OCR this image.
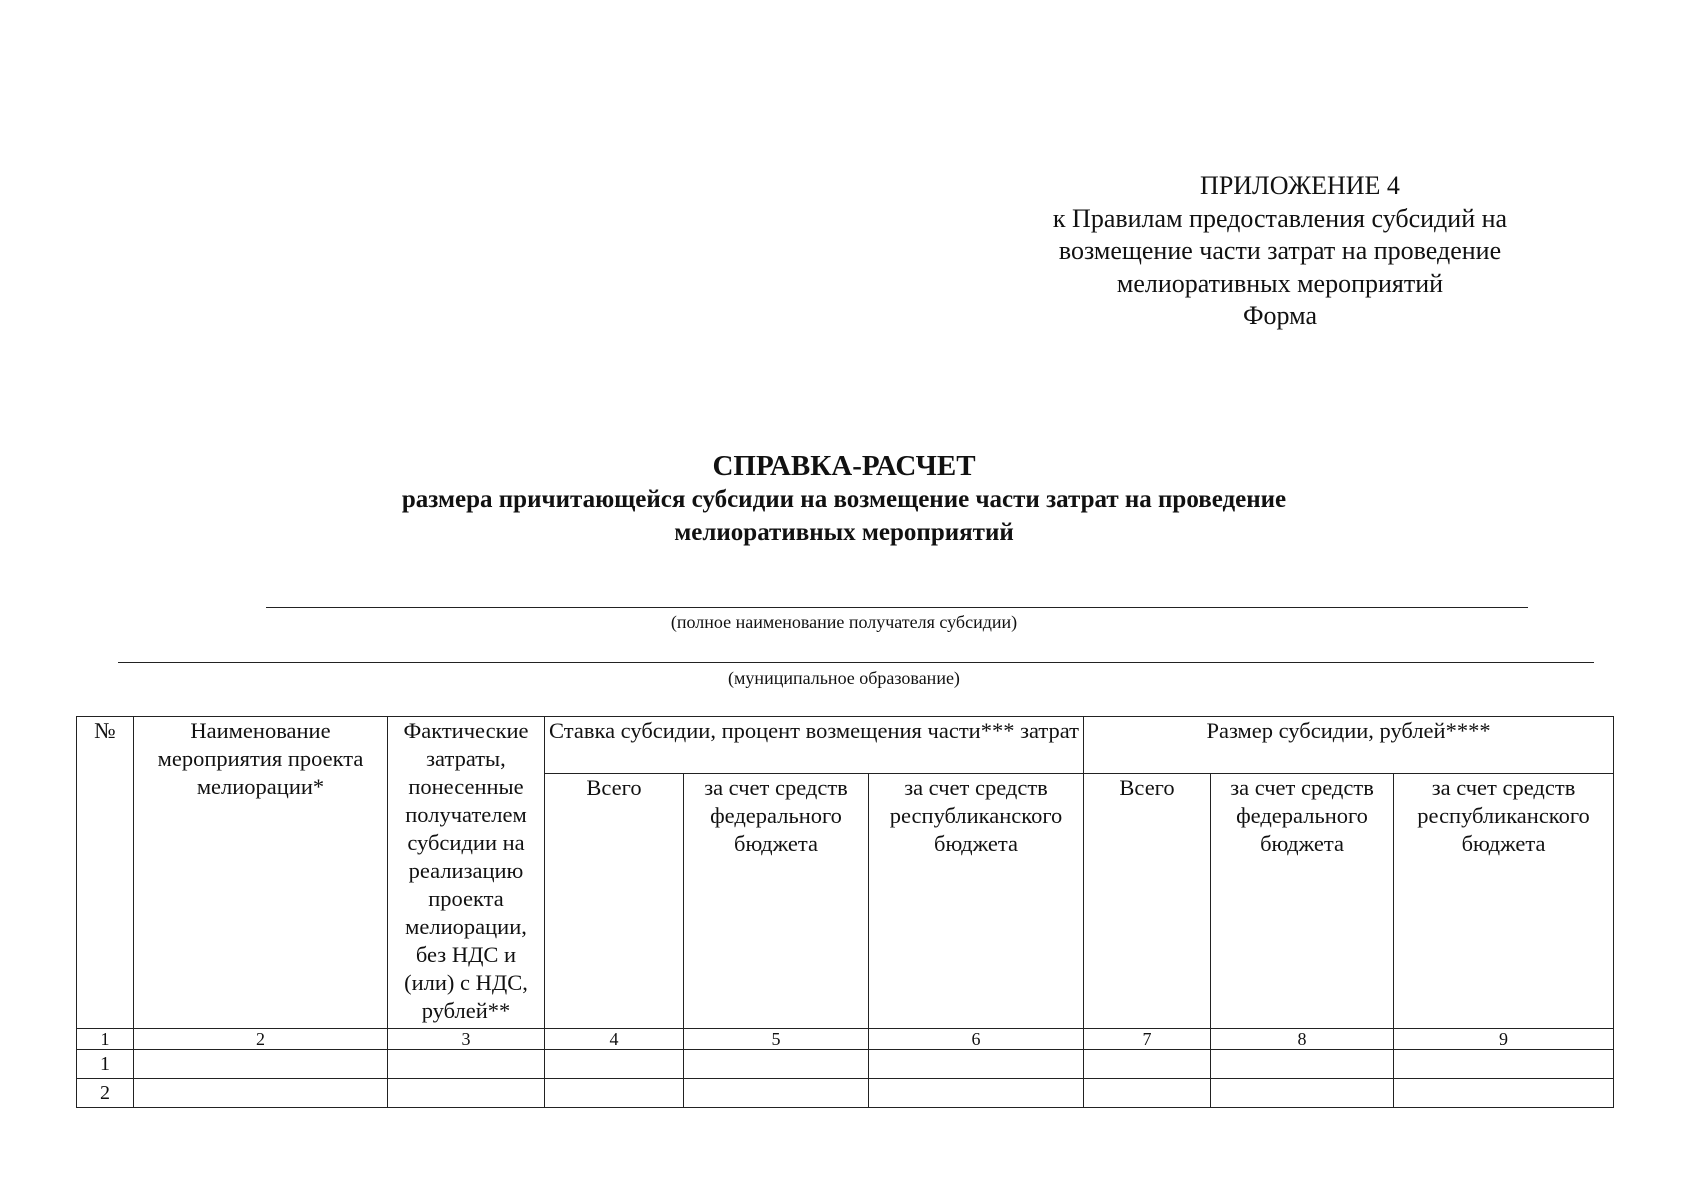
ПРИЛОЖЕНИЕ 4
к Правилам предоставления субсидий на
возмещение части затрат на проведение
мелиоративных мероприятий
Форма
СПРАВКА-РАСЧЕТ
размера причитающейся субсидии на возмещение части затрат на проведение
мелиоративных мероприятий
(полное наименование получателя субсидии)
(муниципальное образование)
№	Наименование мероприятия проекта мелиорации*	Фактические затраты, понесенные получателем субсидии на реализацию проекта мелиорации, без НДС и (или) с НДС, рублей**	Ставка субсидии, процент возмещения части*** затрат			Размер субсидии, рублей****		
			Всего	за счет средств федерального бюджета	за счет средств республиканского бюджета	Всего	за счет средств федерального бюджета	за счет средств республиканского бюджета
1	2	3	4	5	6	7	8	9
1								
2								
